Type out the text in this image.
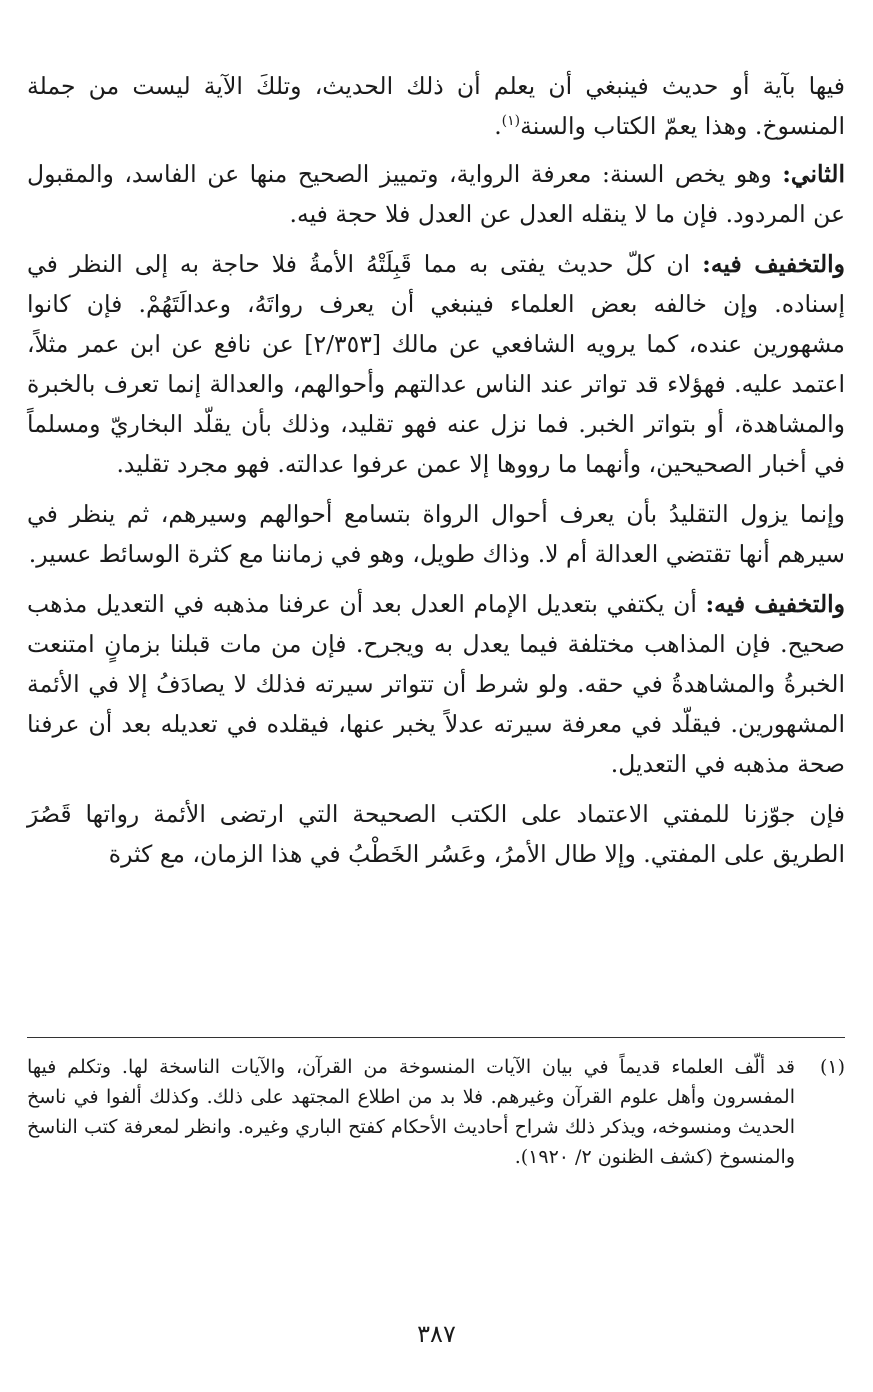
فيها بآية أو حديث فينبغي أن يعلم أن ذلك الحديث، وتلكَ الآية ليست من جملة المنسوخ. وهذا يعمّ الكتاب والسنة$^{(١)}$.

الثاني: وهو يخص السنة: معرفة الرواية، وتمييز الصحيح منها عن الفاسد، والمقبول عن المردود. فإن ما لا ينقله العدل عن العدل فلا حجة فيه.

والتخفيف فيه: ان كلّ حديث يفتى به مما قَبِلَتْهُ الأمةُ فلا حاجة به إلى النظر في إسناده. وإن خالفه بعض العلماء فينبغي أن يعرف رواتَهُ، وعدالَتَهُمْ. فإن كانوا مشهورين عنده، كما يرويه الشافعي عن مالك [٢/٣٥٣] عن نافع عن ابن عمر مثلاً، اعتمد عليه. فهؤلاء قد تواتر عند الناس عدالتهم وأحوالهم، والعدالة إنما تعرف بالخبرة والمشاهدة، أو بتواتر الخبر. فما نزل عنه فهو تقليد، وذلك بأن يقلّد البخاريّ ومسلماً في أخبار الصحيحين، وأنهما ما رووها إلا عمن عرفوا عدالته. فهو مجرد تقليد.

وإنما يزول التقليدُ بأن يعرف أحوال الرواة بتسامع أحوالهم وسيرهم، ثم ينظر في سيرهم أنها تقتضي العدالة أم لا. وذاك طويل، وهو في زماننا مع كثرة الوسائط عسير.

والتخفيف فيه: أن يكتفي بتعديل الإمام العدل بعد أن عرفنا مذهبه في التعديل مذهب صحيح. فإن المذاهب مختلفة فيما يعدل به ويجرح. فإن من مات قبلنا بزمانٍ امتنعت الخبرةُ والمشاهدةُ في حقه. ولو شرط أن تتواتر سيرته فذلك لا يصادَفُ إلا في الأئمة المشهورين. فيقلّد في معرفة سيرته عدلاً يخبر عنها، فيقلده في تعديله بعد أن عرفنا صحة مذهبه في التعديل.

فإن جوّزنا للمفتي الاعتماد على الكتب الصحيحة التي ارتضى الأئمة رواتها قَصُرَ الطريق على المفتي. وإلا طال الأمرُ، وعَسُر الخَطْبُ في هذا الزمان، مع كثرة

(١)
قد ألّف العلماء قديماً في بيان الآيات المنسوخة من القرآن، والآيات الناسخة لها. وتكلم فيها المفسرون وأهل علوم القرآن وغيرهم. فلا بد من اطلاع المجتهد على ذلك. وكذلك ألفوا في ناسخ الحديث ومنسوخه، ويذكر ذلك شراح أحاديث الأحكام كفتح الباري وغيره. وانظر لمعرفة كتب الناسخ والمنسوخ (كشف الظنون ٢/ ١٩٢٠).
٣٨٧
